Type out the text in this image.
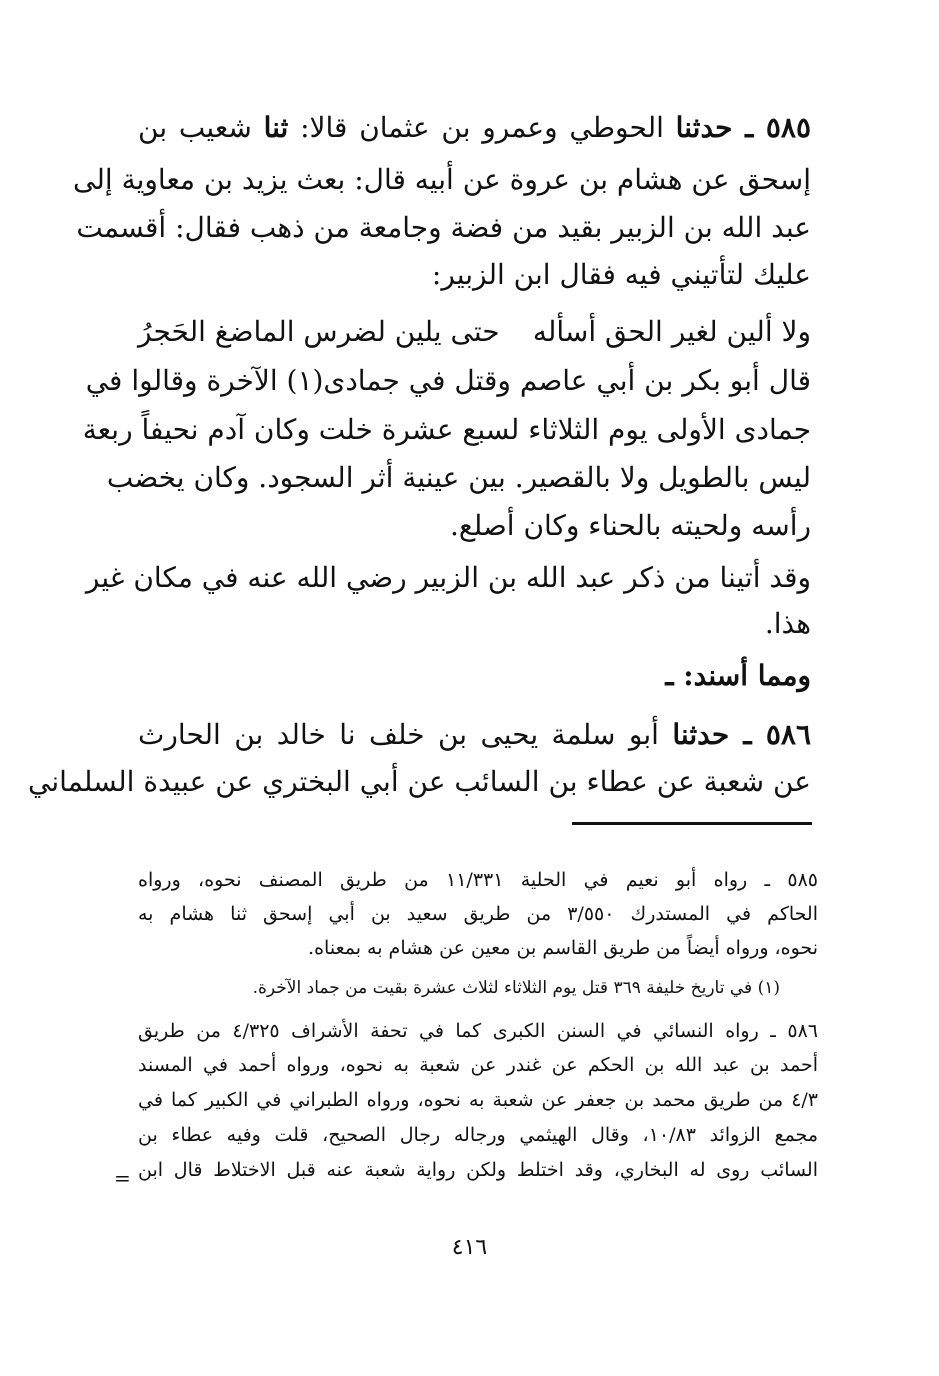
٥٨٥ ـ حدثنا الحوطي وعمرو بن عثمان قالا: ثنا شعيب بن
إسحق عن هشام بن عروة عن أبيه قال: بعث يزيد بن معاوية إلى
عبد الله بن الزبير بقيد من فضة وجامعة من ذهب فقال: أقسمت
عليك لتأتيني فيه فقال ابن الزبير:
ولا ألين لغير الحق أسأله
حتى يلين لضرس الماضغ الحَجرُ
قال أبو بكر بن أبي عاصم وقتل في جمادى(١) الآخرة وقالوا في
جمادى الأولى يوم الثلاثاء لسبع عشرة خلت وكان آدم نحيفاً ربعة
ليس بالطويل ولا بالقصير. بين عينية أثر السجود. وكان يخضب
رأسه ولحيته بالحناء وكان أصلع.
وقد أتينا من ذكر عبد الله بن الزبير رضي الله عنه في مكان غير
هذا.
ومما أسند: ـ
٥٨٦ ـ حدثنا أبو سلمة يحيى بن خلف نا خالد بن الحارث
عن شعبة عن عطاء بن السائب عن أبي البختري عن عبيدة السلماني
٥٨٥ ـ رواه أبو نعيم في الحلية ١١/٣٣١ من طريق المصنف نحوه، ورواه
الحاكم في المستدرك ٣/٥٥٠ من طريق سعيد بن أبي إسحق ثنا هشام به
نحوه، ورواه أيضاً من طريق القاسم بن معين عن هشام به بمعناه.
(١) في تاريخ خليفة ٣٦٩ قتل يوم الثلاثاء لثلاث عشرة بقيت من جماد الآخرة.
٥٨٦ ـ رواه النسائي في السنن الكبرى كما في تحفة الأشراف ٤/٣٢٥ من طريق
أحمد بن عبد الله بن الحكم عن غندر عن شعبة به نحوه، ورواه أحمد في المسند
٤/٣ من طريق محمد بن جعفر عن شعبة به نحوه، ورواه الطبراني في الكبير كما في
مجمع الزوائد ١٠/٨٣، وقال الهيثمي ورجاله رجال الصحيح، قلت وفيه عطاء بن
السائب روى له البخاري، وقد اختلط ولكن رواية شعبة عنه قبل الاختلاط قال ابن
=
٤١٦
